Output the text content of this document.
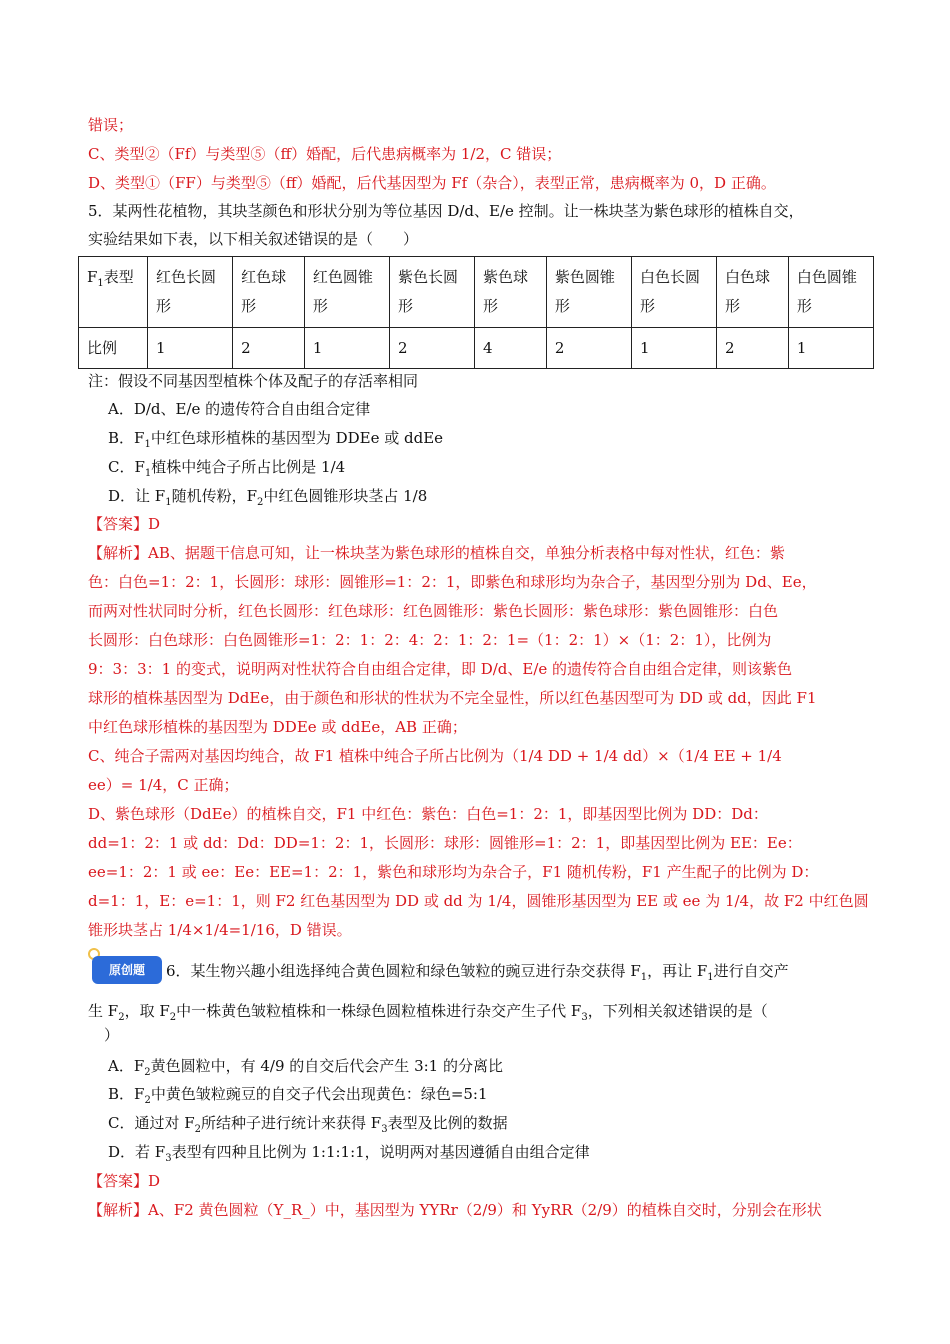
错误；
C、类型②（Ff）与类型⑤（ff）婚配，后代患病概率为 1/2，C 错误；
D、类型①（FF）与类型⑤（ff）婚配，后代基因型为 Ff（杂合），表型正常，患病概率为 0，D 正确。
5．某两性花植物，其块茎颜色和形状分别为等位基因 D/d、E/e 控制。让一株块茎为紫色球形的植株自交，
实验结果如下表，以下相关叙述错误的是（　　）
$F_1$表型	红色长圆形	红色球形	红色圆锥形	紫色长圆形	紫色球形	紫色圆锥形	白色长圆形	白色球形	白色圆锥形
比例	1	2	1	2	4	2	1	2	1
注：假设不同基因型植株个体及配子的存活率相同
A．D/d、E/e 的遗传符合自由组合定律
B．$F_1$中红色球形植株的基因型为 DDEe 或 ddEe
C．$F_1$植株中纯合子所占比例是 1/4
D．让 $F_1$随机传粉，$F_2$中红色圆锥形块茎占 1/8
【答案】D
【解析】AB、据题干信息可知，让一株块茎为紫色球形的植株自交，单独分析表格中每对性状，红色：紫
色：白色=1：2：1，长圆形：球形：圆锥形=1：2：1，即紫色和球形均为杂合子，基因型分别为 Dd、Ee，
而两对性状同时分析，红色长圆形：红色球形：红色圆锥形：紫色长圆形：紫色球形：紫色圆锥形：白色
长圆形：白色球形：白色圆锥形=1：2：1：2：4：2：1：2：1=（1：2：1）×（1：2：1），比例为
9：3：3：1 的变式，说明两对性状符合自由组合定律，即 D/d、E/e 的遗传符合自由组合定律，则该紫色
球形的植株基因型为 DdEe，由于颜色和形状的性状为不完全显性，所以红色基因型可为 DD 或 dd，因此 F1
中红色球形植株的基因型为 DDEe 或 ddEe，AB 正确；
C、纯合子需两对基因均纯合，故 F1 植株中纯合子所占比例为（1/4 DD + 1/4 dd）×（1/4 EE + 1/4
ee）= 1/4，C 正确；
D、紫色球形（DdEe）的植株自交，F1 中红色：紫色：白色=1：2：1，即基因型比例为 DD：Dd：
dd=1：2：1 或 dd：Dd：DD=1：2：1，长圆形：球形：圆锥形=1：2：1，即基因型比例为 EE：Ee：
ee=1：2：1 或 ee：Ee：EE=1：2：1，紫色和球形均为杂合子，F1 随机传粉，F1 产生配子的比例为 D：
d=1：1，E：e=1：1，则 F2 红色基因型为 DD 或 dd 为 1/4，圆锥形基因型为 EE 或 ee 为 1/4，故 F2 中红色圆
锥形块茎占 1/4×1/4=1/16，D 错误。
原创题	6．某生物兴趣小组选择纯合黄色圆粒和绿色皱粒的豌豆进行杂交获得 $F_1$，再让 $F_1$进行自交产
生 $F_2$，取 $F_2$中一株黄色皱粒植株和一株绿色圆粒植株进行杂交产生子代 $F_3$，下列相关叙述错误的是（
）
A．$F_2$黄色圆粒中，有 4/9 的自交后代会产生 3:1 的分离比
B．$F_2$中黄色皱粒豌豆的自交子代会出现黄色：绿色=5:1
C．通过对 $F_2$所结种子进行统计来获得 $F_3$表型及比例的数据
D．若 $F_3$表型有四种且比例为 1:1:1:1，说明两对基因遵循自由组合定律
【答案】D
【解析】A、F2 黄色圆粒（Y_R_）中，基因型为 YYRr（2/9）和 YyRR（2/9）的植株自交时，分别会在形状
